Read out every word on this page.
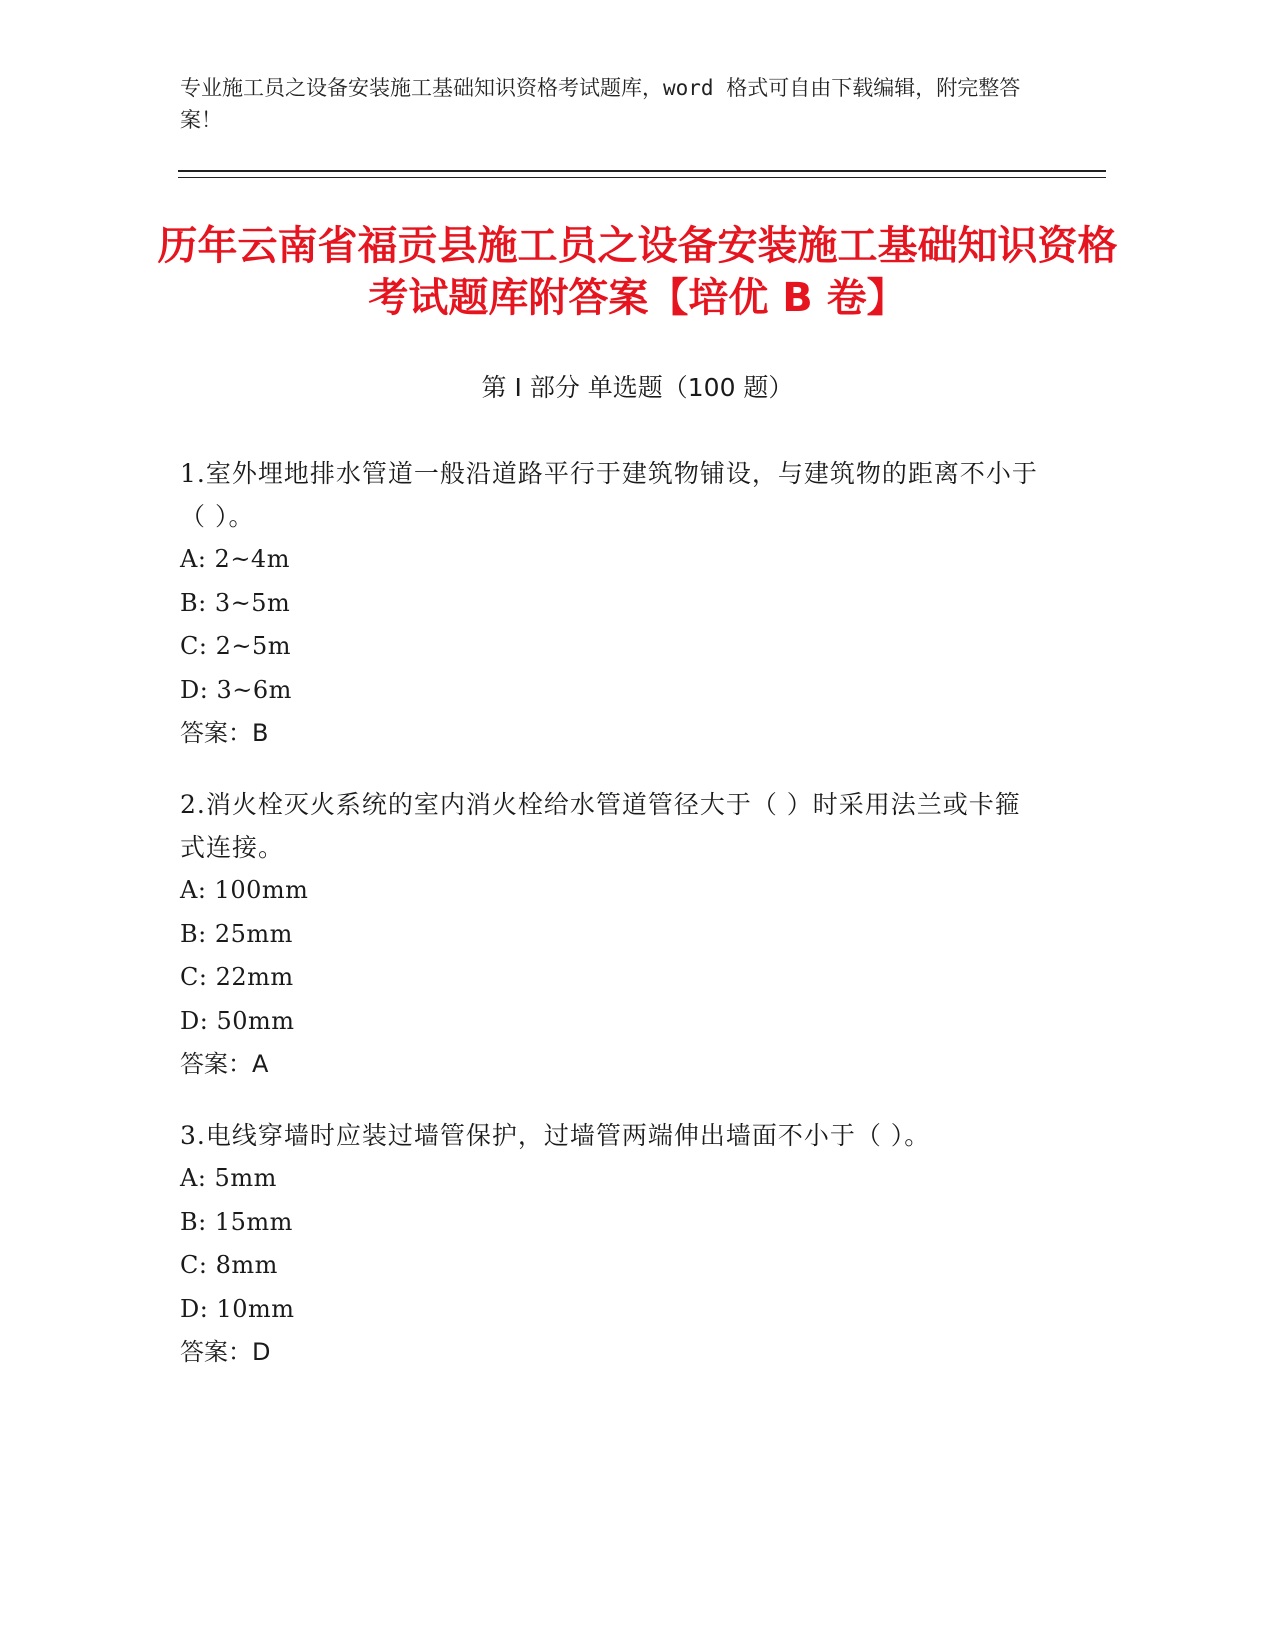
专业施工员之设备安装施工基础知识资格考试题库，word 格式可自由下载编辑，附完整答案！
历年云南省福贡县施工员之设备安装施工基础知识资格考试题库附答案【培优 B 卷】
第 I 部分 单选题（100 题）
1.室外埋地排水管道一般沿道路平行于建筑物铺设，与建筑物的距离不小于（ ）。
A: 2~4m
B: 3~5m
C: 2~5m
D: 3~6m
答案：B
2.消火栓灭火系统的室内消火栓给水管道管径大于（ ）时采用法兰或卡箍式连接。
A: 100mm
B: 25mm
C: 22mm
D: 50mm
答案：A
3.电线穿墙时应装过墙管保护，过墙管两端伸出墙面不小于（ ）。
A: 5mm
B: 15mm
C: 8mm
D: 10mm
答案：D
